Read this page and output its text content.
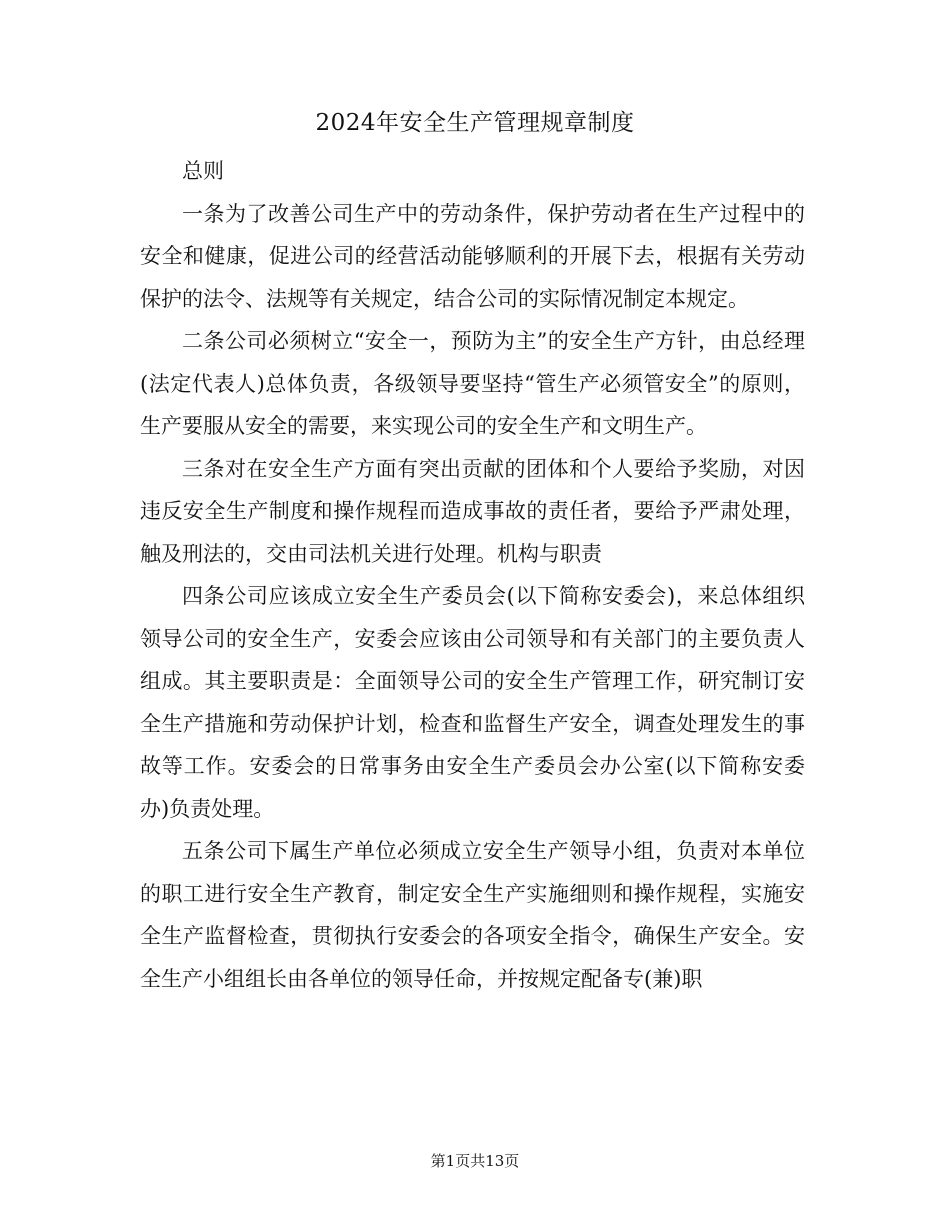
2024年安全生产管理规章制度

总则

一条为了改善公司生产中的劳动条件，保护劳动者在生产过程中的安全和健康，促进公司的经营活动能够顺利的开展下去，根据有关劳动保护的法令、法规等有关规定，结合公司的实际情况制定本规定。

二条公司必须树立“安全一，预防为主”的安全生产方针，由总经理(法定代表人)总体负责，各级领导要坚持“管生产必须管安全”的原则，生产要服从安全的需要，来实现公司的安全生产和文明生产。

三条对在安全生产方面有突出贡献的团体和个人要给予奖励，对因违反安全生产制度和操作规程而造成事故的责任者，要给予严肃处理，触及刑法的，交由司法机关进行处理。机构与职责

四条公司应该成立安全生产委员会(以下简称安委会)，来总体组织领导公司的安全生产，安委会应该由公司领导和有关部门的主要负责人组成。其主要职责是：全面领导公司的安全生产管理工作，研究制订安全生产措施和劳动保护计划，检查和监督生产安全，调查处理发生的事故等工作。安委会的日常事务由安全生产委员会办公室(以下简称安委办)负责处理。

五条公司下属生产单位必须成立安全生产领导小组，负责对本单位的职工进行安全生产教育，制定安全生产实施细则和操作规程，实施安全生产监督检查，贯彻执行安委会的各项安全指令，确保生产安全。安全生产小组组长由各单位的领导任命，并按规定配备专(兼)职

第1页共13页
